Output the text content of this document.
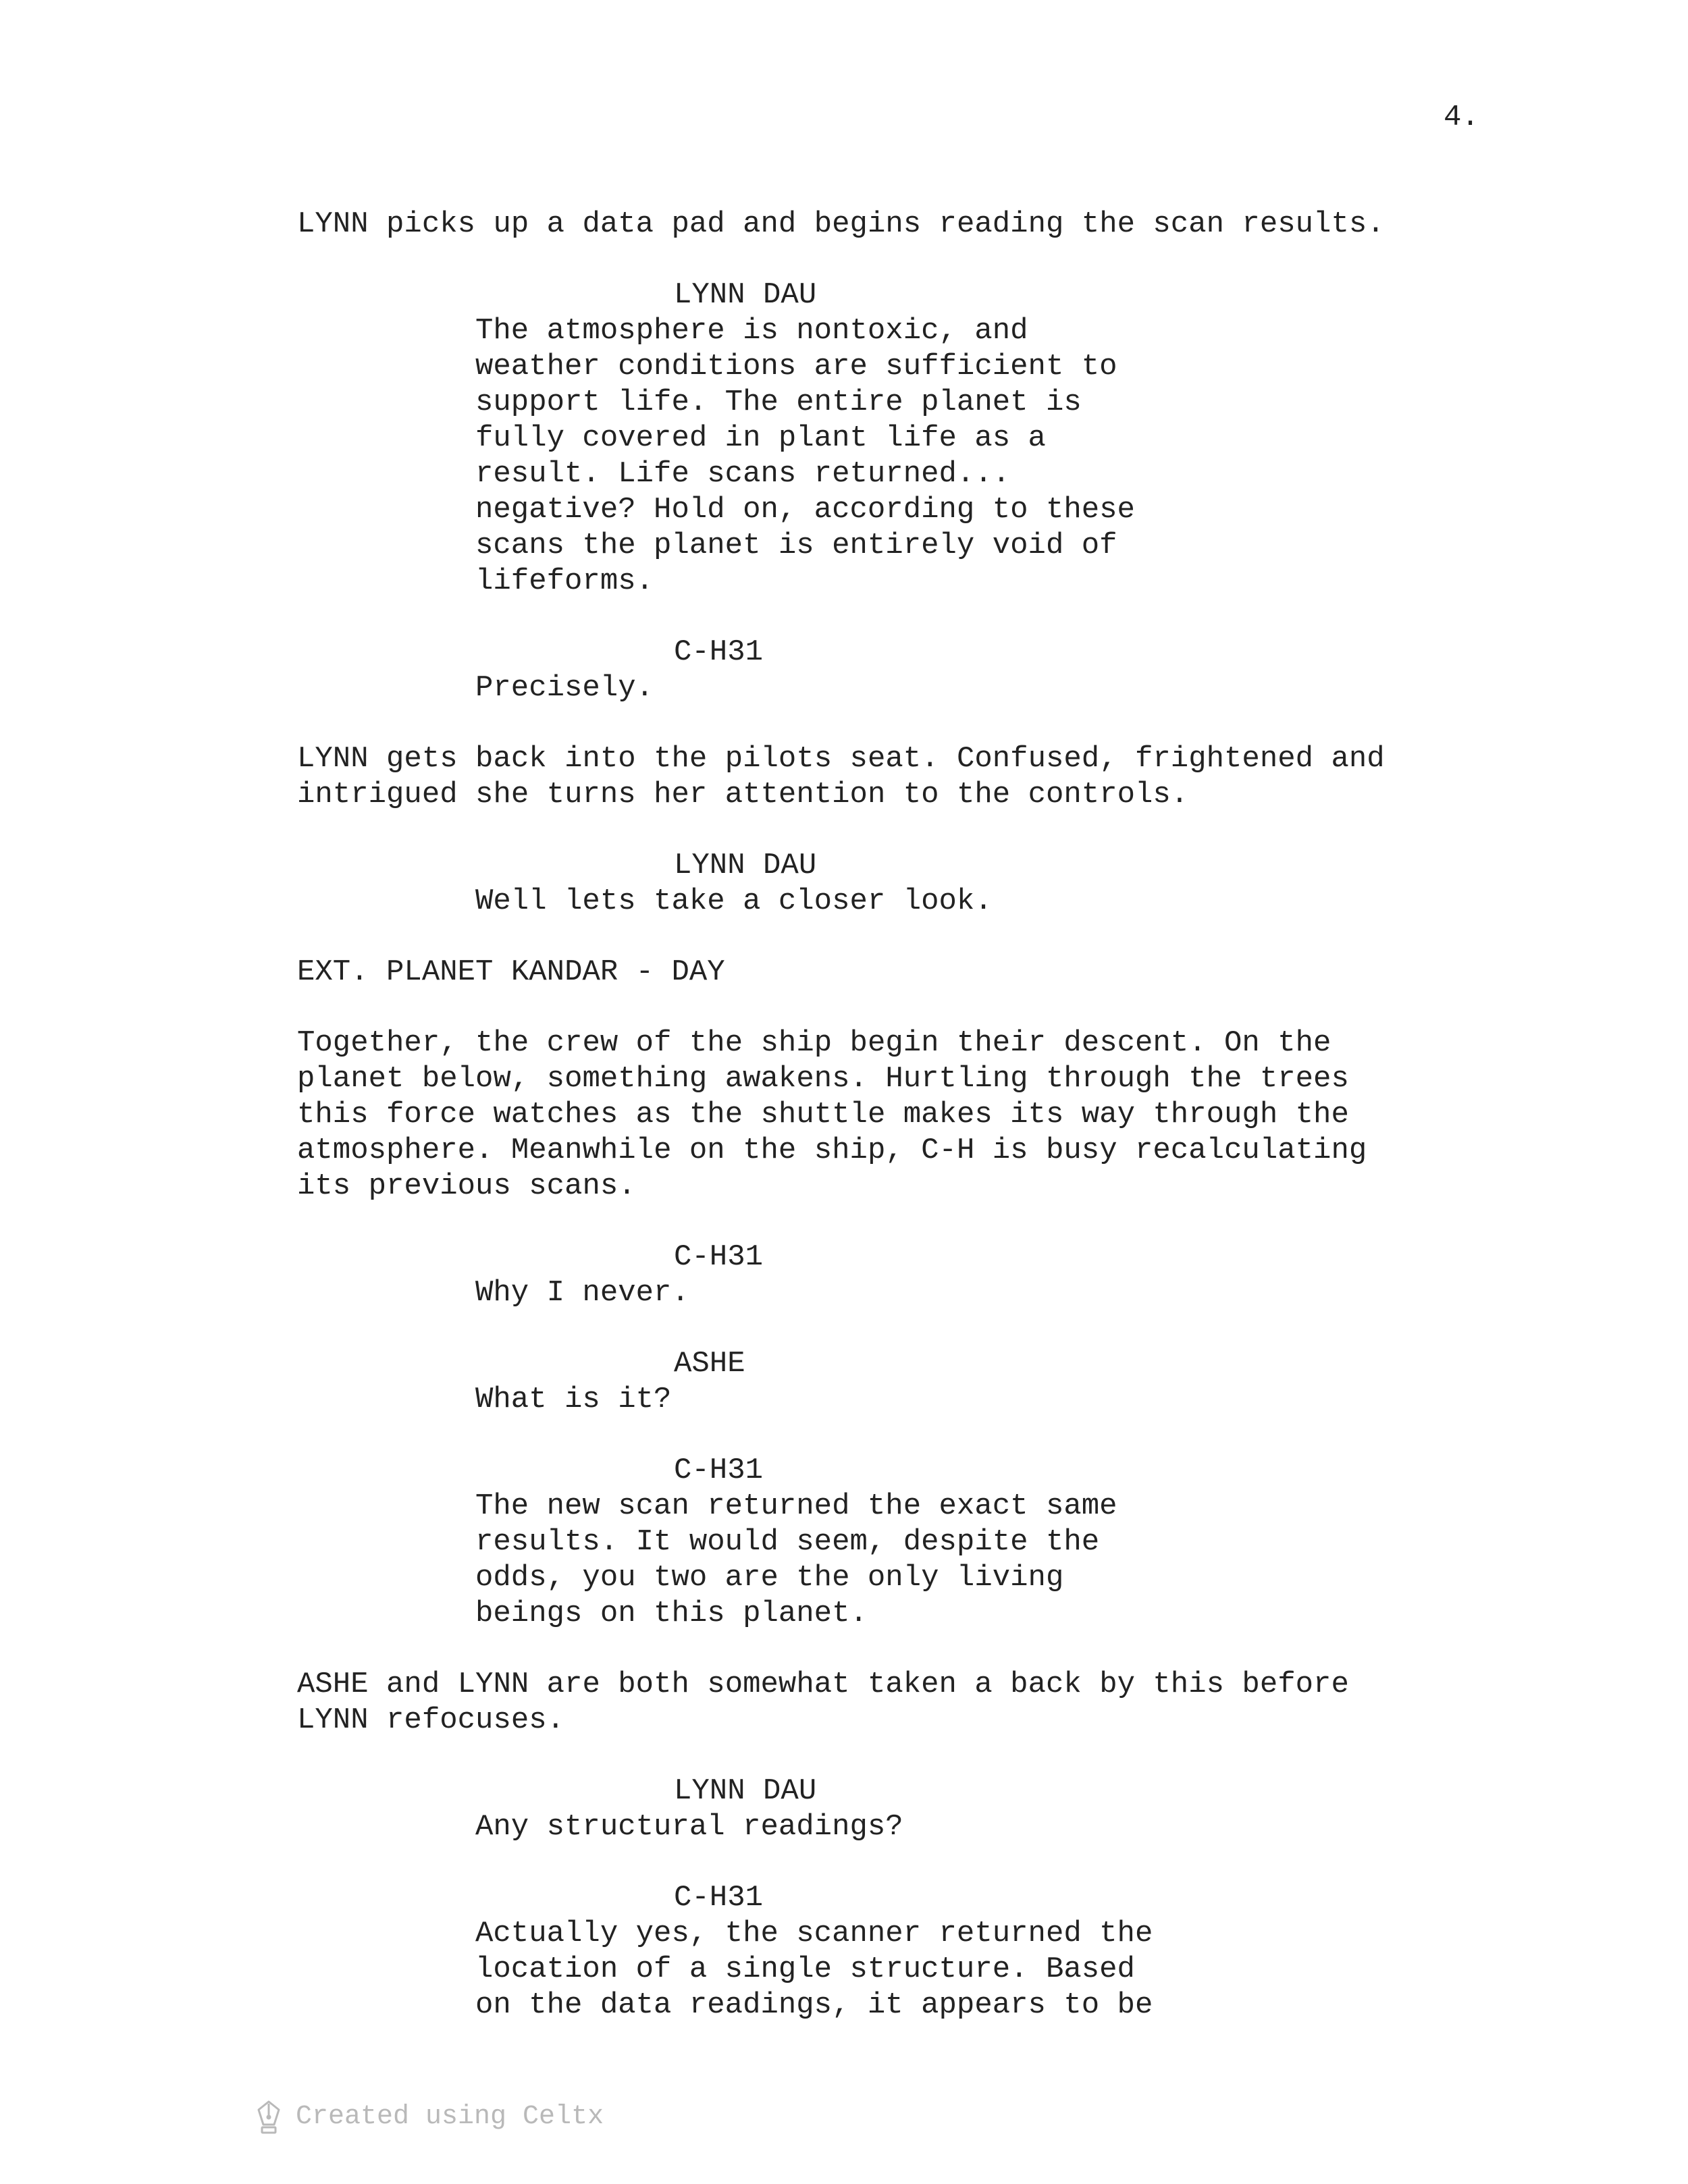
4.
LYNN picks up a data pad and begins reading the scan results.
LYNN DAU
The atmosphere is nontoxic, and
weather conditions are sufficient to
support life. The entire planet is
fully covered in plant life as a
result. Life scans returned...
negative? Hold on, according to these
scans the planet is entirely void of
lifeforms.
C-H31
Precisely.
LYNN gets back into the pilots seat. Confused, frightened and
intrigued she turns her attention to the controls.
LYNN DAU
Well lets take a closer look.
EXT. PLANET KANDAR - DAY
Together, the crew of the ship begin their descent. On the
planet below, something awakens. Hurtling through the trees
this force watches as the shuttle makes its way through the
atmosphere. Meanwhile on the ship, C-H is busy recalculating
its previous scans.
C-H31
Why I never.
ASHE
What is it?
C-H31
The new scan returned the exact same
results. It would seem, despite the
odds, you two are the only living
beings on this planet.
ASHE and LYNN are both somewhat taken a back by this before
LYNN refocuses.
LYNN DAU
Any structural readings?
C-H31
Actually yes, the scanner returned the
location of a single structure. Based
on the data readings, it appears to be
Created using Celtx
